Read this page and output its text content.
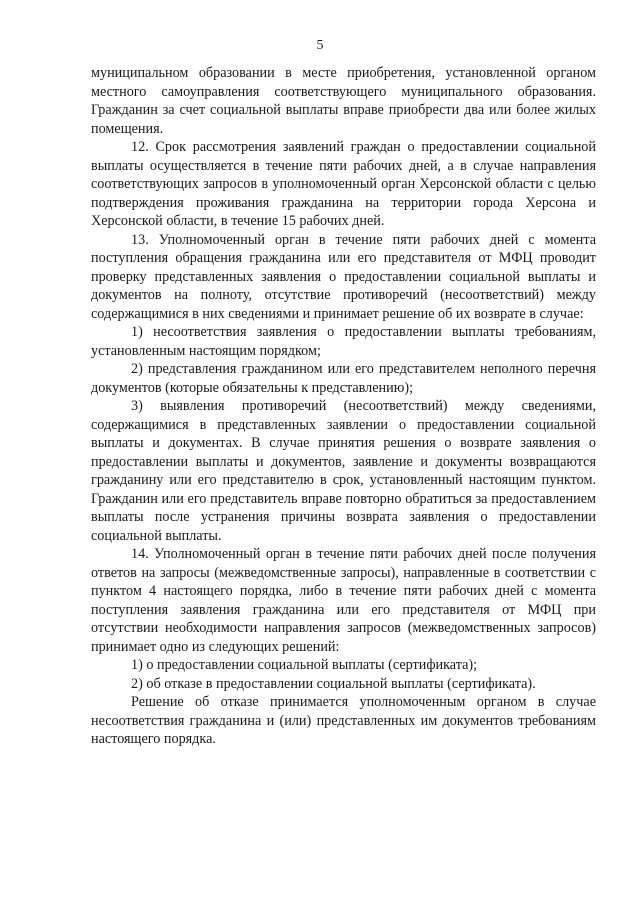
5

муниципальном образовании в месте приобретения, установленной органом местного самоуправления соответствующего муниципального образования. Гражданин за счет социальной выплаты вправе приобрести два или более жилых помещения.

12. Срок рассмотрения заявлений граждан о предоставлении социальной выплаты осуществляется в течение пяти рабочих дней, а в случае направления соответствующих запросов в уполномоченный орган Херсонской области с целью подтверждения проживания гражданина на территории города Херсона и Херсонской области, в течение 15 рабочих дней.

13. Уполномоченный орган в течение пяти рабочих дней с момента поступления обращения гражданина или его представителя от МФЦ проводит проверку представленных заявления о предоставлении социальной выплаты и документов на полноту, отсутствие противоречий (несоответствий) между содержащимися в них сведениями и принимает решение об их возврате в случае:

1) несоответствия заявления о предоставлении выплаты требованиям, установленным настоящим порядком;

2) представления гражданином или его представителем неполного перечня документов (которые обязательны к представлению);

3) выявления противоречий (несоответствий) между сведениями, содержащимися в представленных заявлении о предоставлении социальной выплаты и документах. В случае принятия решения о возврате заявления о предоставлении выплаты и документов, заявление и документы возвращаются гражданину или его представителю в срок, установленный настоящим пунктом. Гражданин или его представитель вправе повторно обратиться за предоставлением выплаты после устранения причины возврата заявления о предоставлении социальной выплаты.

14. Уполномоченный орган в течение пяти рабочих дней после получения ответов на запросы (межведомственные запросы), направленные в соответствии с пунктом 4 настоящего порядка, либо в течение пяти рабочих дней с момента поступления заявления гражданина или его представителя от МФЦ при отсутствии необходимости направления запросов (межведомственных запросов) принимает одно из следующих решений:

1) о предоставлении социальной выплаты (сертификата);

2) об отказе в предоставлении социальной выплаты (сертификата).

Решение об отказе принимается уполномоченным органом в случае несоответствия гражданина и (или) представленных им документов требованиям настоящего порядка.
